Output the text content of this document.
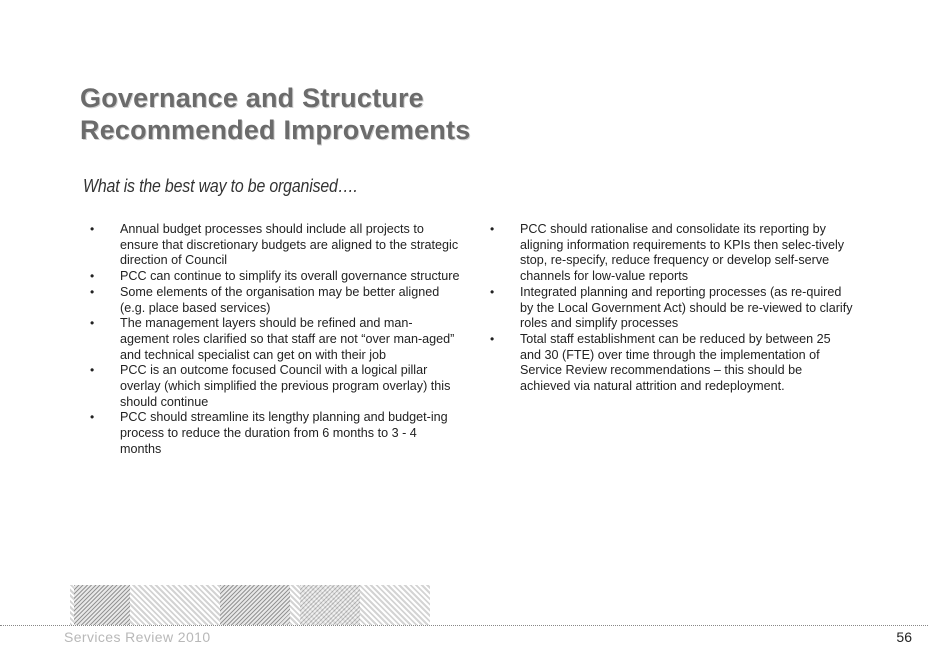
Governance and Structure
Recommended Improvements

What is the best way to be organised….

• Annual budget processes should include all projects to ensure that discretionary budgets are aligned to the strategic direction of Council
• PCC can continue to simplify its overall governance structure
• Some elements of the organisation may be better aligned (e.g. place based services)
• The management layers should be refined and man-agement roles clarified so that staff are not “over man-aged” and technical specialist can get on with their job
• PCC is an outcome focused Council with a logical pillar overlay (which simplified the previous program overlay) this should continue
• PCC should streamline its lengthy planning and budget-ing process to reduce the duration from 6 months to 3 - 4 months
• PCC should rationalise and consolidate its reporting by aligning information requirements to KPIs then selec-tively stop, re-specify, reduce frequency or develop self-serve channels for low-value reports
• Integrated planning and reporting processes (as re-quired by the Local Government Act) should be re-viewed to clarify roles and simplify processes
• Total staff establishment can be reduced by between 25 and 30 (FTE) over time through the implementation of Service Review recommendations – this should be achieved via natural attrition and redeployment.
Services Review 2010	56
